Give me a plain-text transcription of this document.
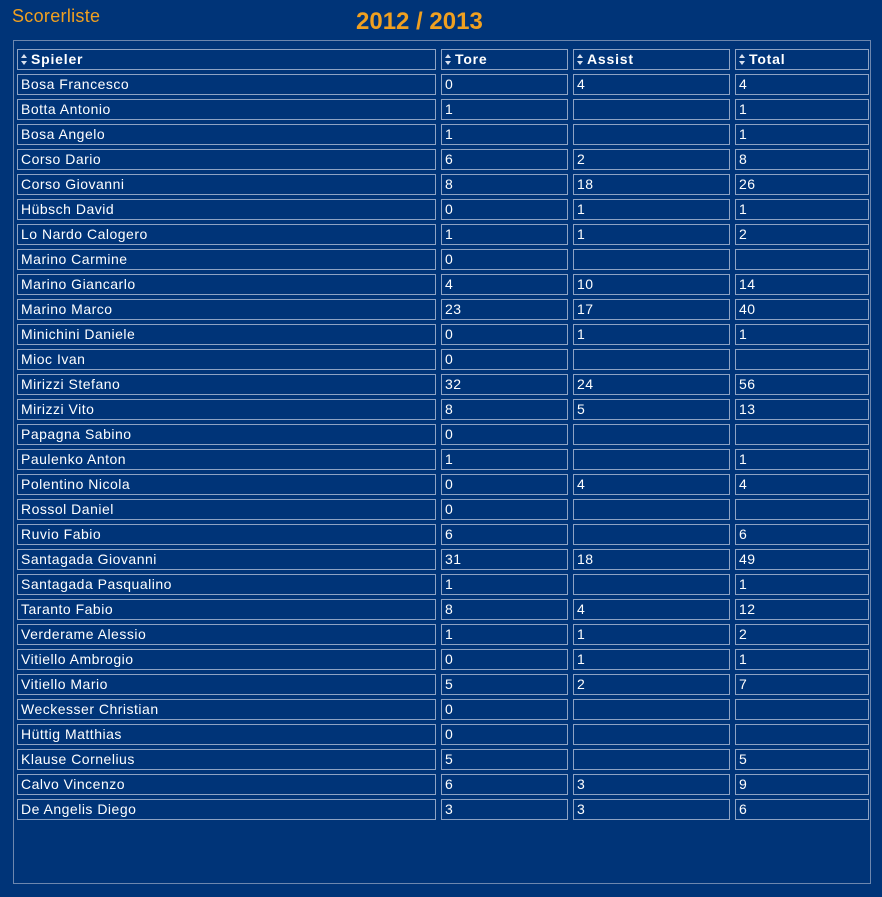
Scorerliste	2012 / 2013
Spieler	Tore	Assist	Total
Bosa Francesco	0	4	4
Botta Antonio	1		1
Bosa Angelo	1		1
Corso Dario	6	2	8
Corso Giovanni	8	18	26
Hübsch David	0	1	1
Lo Nardo Calogero	1	1	2
Marino Carmine	0		
Marino Giancarlo	4	10	14
Marino Marco	23	17	40
Minichini Daniele	0	1	1
Mioc Ivan	0		
Mirizzi Stefano	32	24	56
Mirizzi Vito	8	5	13
Papagna Sabino	0		
Paulenko Anton	1		1
Polentino Nicola	0	4	4
Rossol Daniel	0		
Ruvio Fabio	6		6
Santagada Giovanni	31	18	49
Santagada Pasqualino	1		1
Taranto Fabio	8	4	12
Verderame Alessio	1	1	2
Vitiello Ambrogio	0	1	1
Vitiello Mario	5	2	7
Weckesser Christian	0		
Hüttig Matthias	0		
Klause Cornelius	5		5
Calvo Vincenzo	6	3	9
De Angelis Diego	3	3	6
